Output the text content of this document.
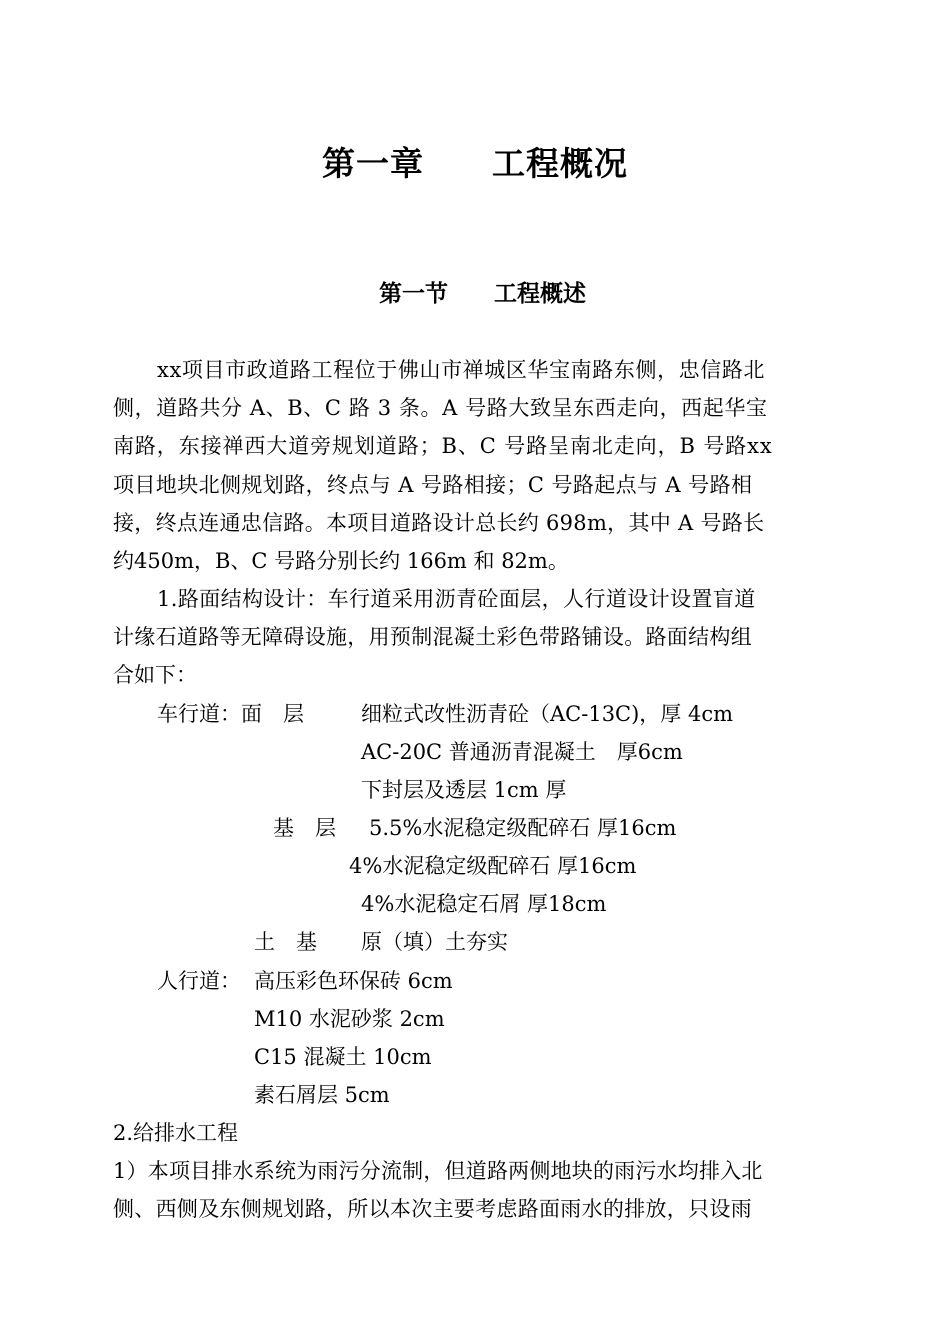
第一章　　工程概况
第一节　　工程概述
xx项目市政道路工程位于佛山市禅城区华宝南路东侧，忠信路北
侧，道路共分 A、B、C 路 3 条。A 号路大致呈东西走向，西起华宝
南路，东接禅西大道旁规划道路；B、C 号路呈南北走向，B 号路xx
项目地块北侧规划路，终点与 A 号路相接；C 号路起点与 A 号路相
接，终点连通忠信路。本项目道路设计总长约 698m，其中 A 号路长
约450m，B、C 号路分别长约 166m 和 82m。
1.路面结构设计：车行道采用沥青砼面层，人行道设计设置盲道
计缘石道路等无障碍设施，用预制混凝土彩色带路铺设。路面结构组
合如下：
车行道：面　层	细粒式改性沥青砼（AC-13C)，厚 4cm
AC-20C 普通沥青混凝土　厚6cm
下封层及透层 1cm 厚
基　层 5.5%水泥稳定级配碎石 厚16cm
4%水泥稳定级配碎石 厚16cm
4%水泥稳定石屑 厚18cm
土　基 原（填）土夯实
人行道： 高压彩色环保砖 6cm
M10 水泥砂浆 2cm
C15 混凝土 10cm
素石屑层 5cm
2.给排水工程
1）本项目排水系统为雨污分流制，但道路两侧地块的雨污水均排入北
侧、西侧及东侧规划路，所以本次主要考虑路面雨水的排放，只设雨
